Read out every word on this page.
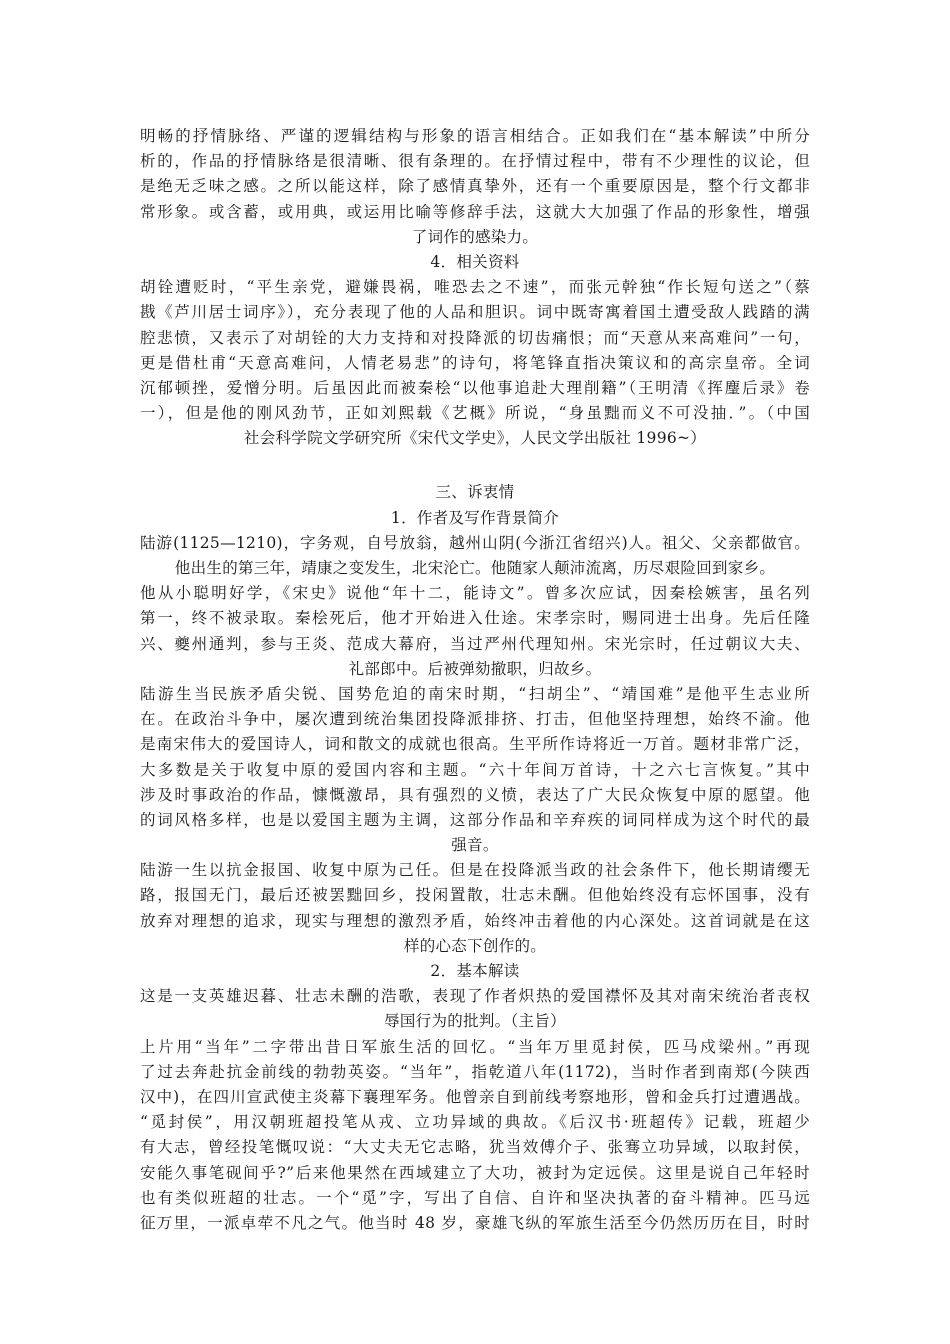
明畅的抒情脉络、严谨的逻辑结构与形象的语言相结合。正如我们在“基本解读”中所分
析的，作品的抒情脉络是很清晰、很有条理的。在抒情过程中，带有不少理性的议论，但
是绝无乏味之感。之所以能这样，除了感情真挚外，还有一个重要原因是，整个行文都非
常形象。或含蓄，或用典，或运用比喻等修辞手法，这就大大加强了作品的形象性，增强
了词作的感染力。
4．相关资料
胡铨遭贬时，“平生亲党，避嫌畏祸，唯恐去之不速”，而张元幹独“作长短句送之”（蔡
戡《芦川居士词序》），充分表现了他的人品和胆识。词中既寄寓着国土遭受敌人践踏的满
腔悲愤，又表示了对胡铨的大力支持和对投降派的切齿痛恨；而“天意从来高难问”一句，
更是借杜甫“天意高难问，人情老易悲”的诗句，将笔锋直指决策议和的高宗皇帝。全词
沉郁顿挫，爱憎分明。后虽因此而被秦桧“以他事追赴大理削籍”（王明清《挥麈后录》卷
一），但是他的刚风劲节，正如刘熙载《艺概》所说，“身虽黜而义不可没抽．”。（中国
社会科学院文学研究所《宋代文学史》，人民文学出版社 1996~）
三、诉衷情
1．作者及写作背景简介
陆游(1125—1210)，字务观，自号放翁，越州山阴(今浙江省绍兴)人。祖父、父亲都做官。
他出生的第三年，靖康之变发生，北宋沦亡。他随家人颠沛流离，历尽艰险回到家乡。
他从小聪明好学，《宋史》说他“年十二，能诗文”。曾多次应试，因秦桧嫉害，虽名列
第一，终不被录取。秦桧死后，他才开始进入仕途。宋孝宗时，赐同进士出身。先后任隆
兴、夔州通判，参与王炎、范成大幕府，当过严州代理知州。宋光宗时，任过朝议大夫、
礼部郎中。后被弹劾撤职，归故乡。
陆游生当民族矛盾尖锐、国势危迫的南宋时期，“扫胡尘”、“靖国难”是他平生志业所
在。在政治斗争中，屡次遭到统治集团投降派排挤、打击，但他坚持理想，始终不渝。他
是南宋伟大的爱国诗人，词和散文的成就也很高。生平所作诗将近一万首。题材非常广泛，
大多数是关于收复中原的爱国内容和主题。“六十年间万首诗，十之六七言恢复。”其中
涉及时事政治的作品，慷慨激昂，具有强烈的义愤，表达了广大民众恢复中原的愿望。他
的词风格多样，也是以爱国主题为主调，这部分作品和辛弃疾的词同样成为这个时代的最
强音。
陆游一生以抗金报国、收复中原为己任。但是在投降派当政的社会条件下，他长期请缨无
路，报国无门，最后还被罢黜回乡，投闲置散，壮志未酬。但他始终没有忘怀国事，没有
放弃对理想的追求，现实与理想的激烈矛盾，始终冲击着他的内心深处。这首词就是在这
样的心态下创作的。
2．基本解读
这是一支英雄迟暮、壮志未酬的浩歌，表现了作者炽热的爱国襟怀及其对南宋统治者丧权
辱国行为的批判。（主旨）
上片用“当年”二字带出昔日军旅生活的回忆。“当年万里觅封侯，匹马戍梁州。”再现
了过去奔赴抗金前线的勃勃英姿。“当年”，指乾道八年(1172)，当时作者到南郑(今陕西
汉中)，在四川宣武使主炎幕下襄理军务。他曾亲自到前线考察地形，曾和金兵打过遭遇战。
“觅封侯”，用汉朝班超投笔从戎、立功异域的典故。《后汉书·班超传》记载，班超少
有大志，曾经投笔慨叹说：“大丈夫无它志略，犹当效傅介子、张骞立功异域，以取封侯，
安能久事笔砚间乎?”后来他果然在西域建立了大功，被封为定远侯。这里是说自己年轻时
也有类似班超的壮志。一个“觅”字，写出了自信、自许和坚决执著的奋斗精神。匹马远
征万里，一派卓荦不凡之气。他当时 48 岁，豪雄飞纵的军旅生活至今仍然历历在目，时时
